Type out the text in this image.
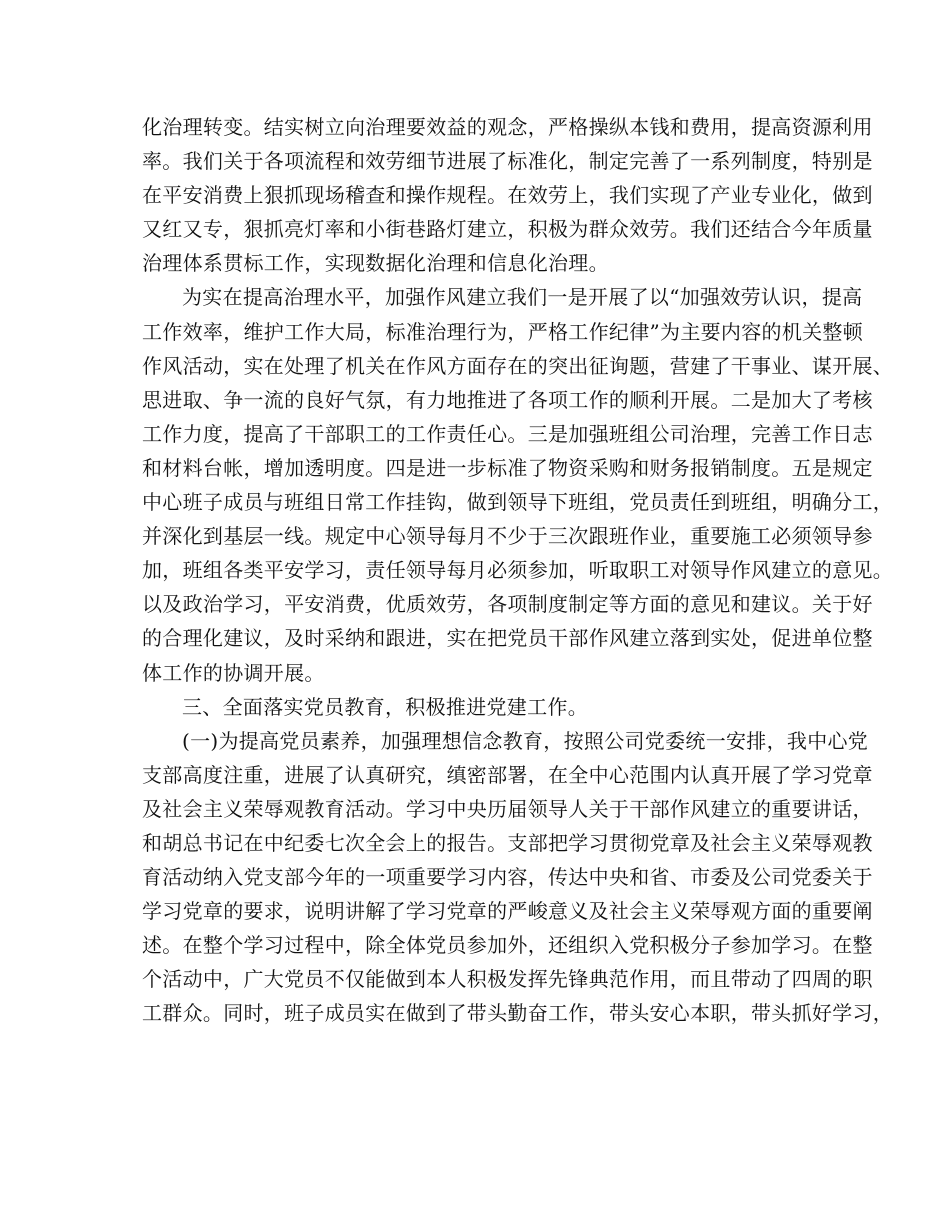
化治理转变。结实树立向治理要效益的观念，严格操纵本钱和费用，提高资源利用
率。我们关于各项流程和效劳细节进展了标准化，制定完善了一系列制度，特别是
在平安消费上狠抓现场稽查和操作规程。在效劳上，我们实现了产业专业化，做到
又红又专，狠抓亮灯率和小街巷路灯建立，积极为群众效劳。我们还结合今年质量
治理体系贯标工作，实现数据化治理和信息化治理。
为实在提高治理水平，加强作风建立我们一是开展了以“加强效劳认识，提高
工作效率，维护工作大局，标准治理行为，严格工作纪律”为主要内容的机关整顿
作风活动，实在处理了机关在作风方面存在的突出征询题，营建了干事业、谋开展、
思进取、争一流的良好气氛，有力地推进了各项工作的顺利开展。二是加大了考核
工作力度，提高了干部职工的工作责任心。三是加强班组公司治理，完善工作日志
和材料台帐，增加透明度。四是进一步标准了物资采购和财务报销制度。五是规定
中心班子成员与班组日常工作挂钩，做到领导下班组，党员责任到班组，明确分工，
并深化到基层一线。规定中心领导每月不少于三次跟班作业，重要施工必须领导参
加，班组各类平安学习，责任领导每月必须参加，听取职工对领导作风建立的意见。
以及政治学习，平安消费，优质效劳，各项制度制定等方面的意见和建议。关于好
的合理化建议，及时采纳和跟进，实在把党员干部作风建立落到实处，促进单位整
体工作的协调开展。
三、全面落实党员教育，积极推进党建工作。
(一)为提高党员素养，加强理想信念教育，按照公司党委统一安排，我中心党
支部高度注重，进展了认真研究，缜密部署，在全中心范围内认真开展了学习党章
及社会主义荣辱观教育活动。学习中央历届领导人关于干部作风建立的重要讲话，
和胡总书记在中纪委七次全会上的报告。支部把学习贯彻党章及社会主义荣辱观教
育活动纳入党支部今年的一项重要学习内容，传达中央和省、市委及公司党委关于
学习党章的要求，说明讲解了学习党章的严峻意义及社会主义荣辱观方面的重要阐
述。在整个学习过程中，除全体党员参加外，还组织入党积极分子参加学习。在整
个活动中，广大党员不仅能做到本人积极发挥先锋典范作用，而且带动了四周的职
工群众。同时，班子成员实在做到了带头勤奋工作，带头安心本职，带头抓好学习，
